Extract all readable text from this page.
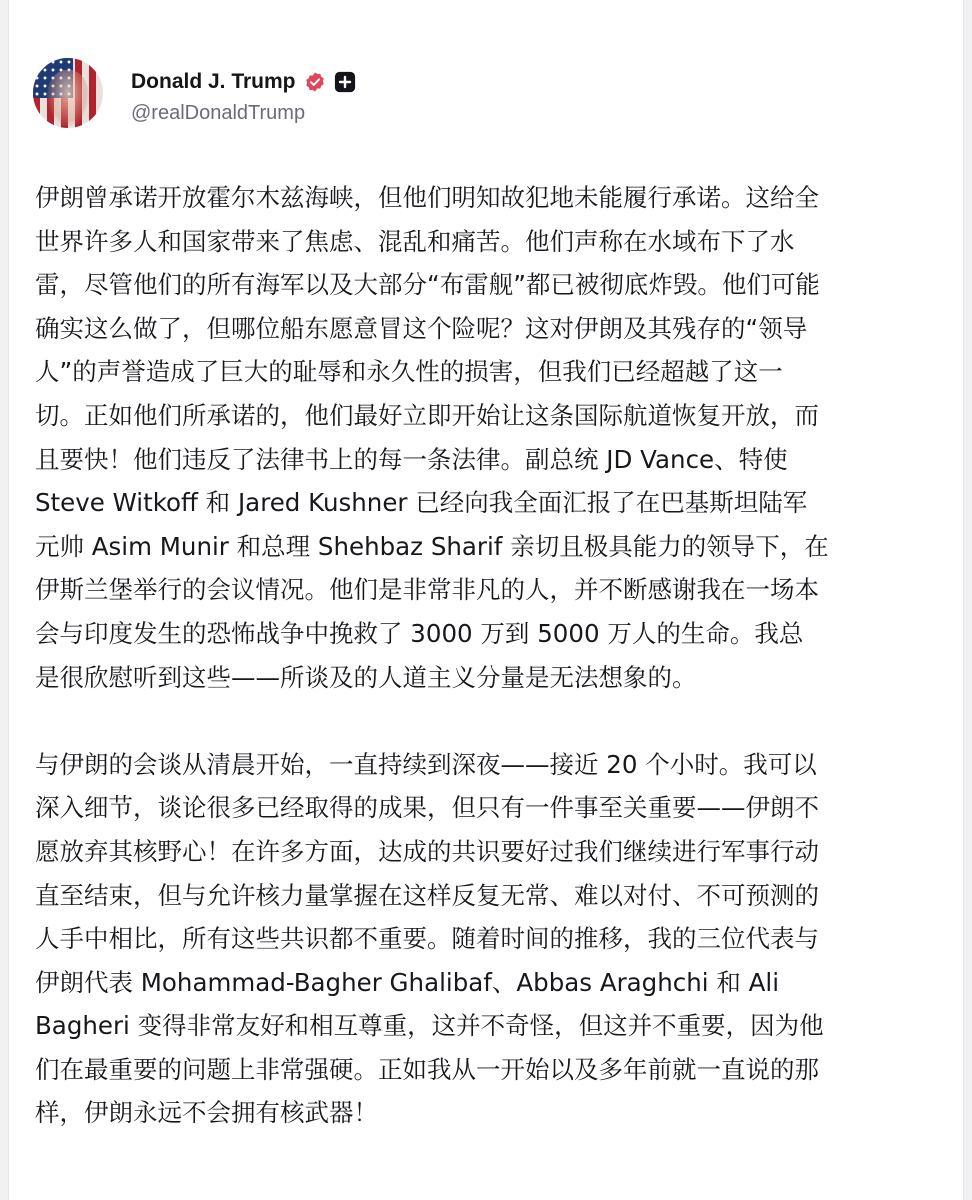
Donald J. Trump
@realDonaldTrump
伊朗曾承诺开放霍尔木兹海峡，但他们明知故犯地未能履行承诺。这给全
世界许多人和国家带来了焦虑、混乱和痛苦。他们声称在水域布下了水
雷，尽管他们的所有海军以及大部分“布雷舰”都已被彻底炸毁。他们可能
确实这么做了，但哪位船东愿意冒这个险呢？这对伊朗及其残存的“领导
人”的声誉造成了巨大的耻辱和永久性的损害，但我们已经超越了这一
切。正如他们所承诺的，他们最好立即开始让这条国际航道恢复开放，而
且要快！他们违反了法律书上的每一条法律。副总统 JD Vance、特使
Steve Witkoff 和 Jared Kushner 已经向我全面汇报了在巴基斯坦陆军
元帅 Asim Munir 和总理 Shehbaz Sharif 亲切且极具能力的领导下，在
伊斯兰堡举行的会议情况。他们是非常非凡的人，并不断感谢我在一场本
会与印度发生的恐怖战争中挽救了 3000 万到 5000 万人的生命。我总
是很欣慰听到这些——所谈及的人道主义分量是无法想象的。
与伊朗的会谈从清晨开始，一直持续到深夜——接近 20 个小时。我可以
深入细节，谈论很多已经取得的成果，但只有一件事至关重要——伊朗不
愿放弃其核野心！在许多方面，达成的共识要好过我们继续进行军事行动
直至结束，但与允许核力量掌握在这样反复无常、难以对付、不可预测的
人手中相比，所有这些共识都不重要。随着时间的推移，我的三位代表与
伊朗代表 Mohammad-Bagher Ghalibaf、Abbas Araghchi 和 Ali
Bagheri 变得非常友好和相互尊重，这并不奇怪，但这并不重要，因为他
们在最重要的问题上非常强硬。正如我从一开始以及多年前就一直说的那
样，伊朗永远不会拥有核武器！
